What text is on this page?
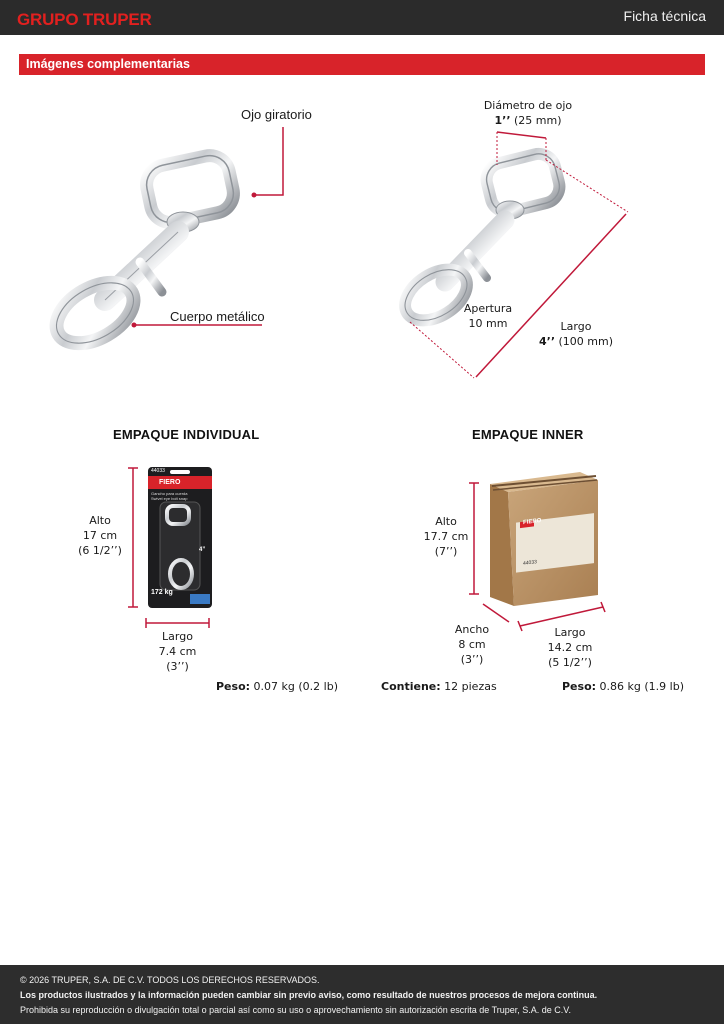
GRUPO TRUPER	Ficha técnica
Imágenes complementarias
Ojo giratorio
Cuerpo metálico
Diámetro de ojo
1’’ (25 mm)
Apertura
10 mm	Largo
4’’ (100 mm)
EMPAQUE INDIVIDUAL
Alto
17 cm
(6 1/2’’)
Largo
7.4 cm
(3’’)
Peso: 0.07 kg (0.2 lb)
44033
FIERO
Gancho para cuerda
Swivel eye bolt snap
172 kg
4’’
EMPAQUE INNER
Alto
17.7 cm
(7’’)
Ancho
8 cm
(3’’)
Largo
14.2 cm
(5 1/2’’)
Contiene: 12 piezas	Peso: 0.86 kg (1.9 lb)
FIERO
44033
© 2026 TRUPER, S.A. DE C.V. TODOS LOS DERECHOS RESERVADOS.
Los productos ilustrados y la información pueden cambiar sin previo aviso, como resultado de nuestros procesos de mejora continua.
Prohibida su reproducción o divulgación total o parcial así como su uso o aprovechamiento sin autorización escrita de Truper, S.A. de C.V.
